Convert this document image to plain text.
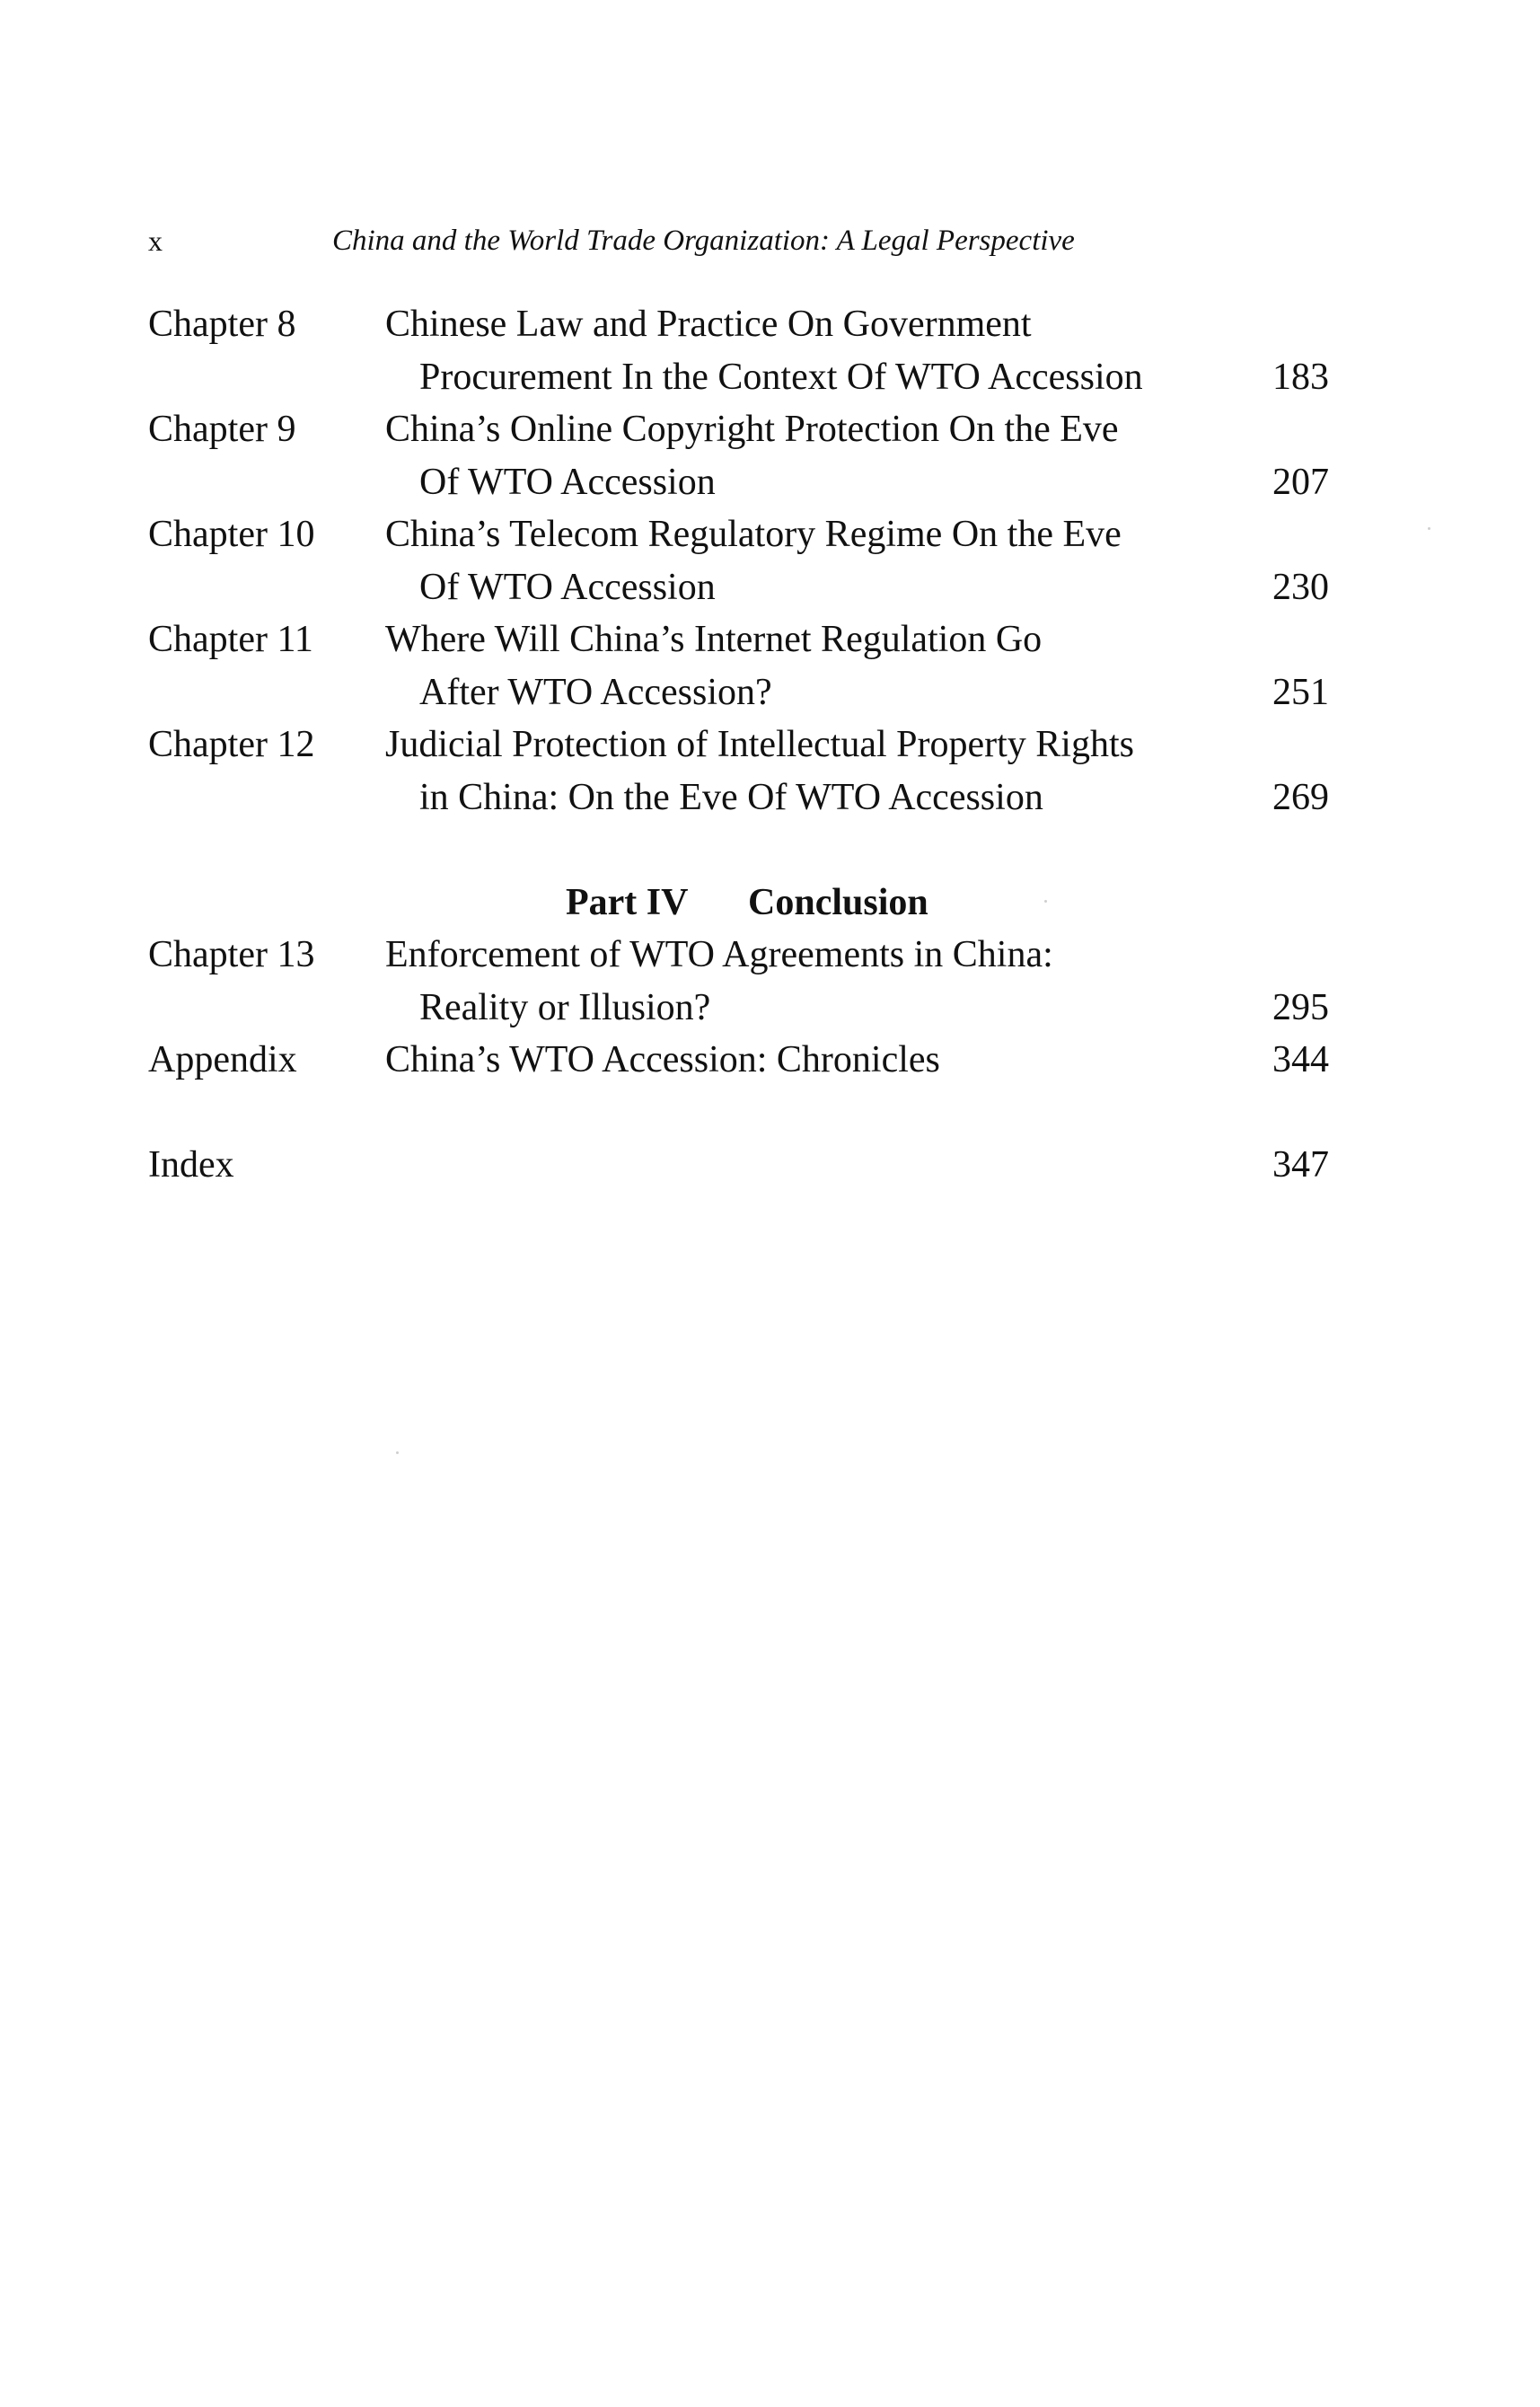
x	China and the World Trade Organization: A Legal Perspective
Chapter 8 Chinese Law and Practice On Government
Procurement In the Context Of WTO Accession	183
Chapter 9 China’s Online Copyright Protection On the Eve
Of WTO Accession	207
Chapter 10 China’s Telecom Regulatory Regime On the Eve
Of WTO Accession	230
Chapter 11 Where Will China’s Internet Regulation Go
After WTO Accession?	251
Chapter 12 Judicial Protection of Intellectual Property Rights
in China: On the Eve Of WTO Accession	269
Part IV Conclusion
Chapter 13 Enforcement of WTO Agreements in China:
Reality or Illusion?	295
Appendix China’s WTO Accession: Chronicles	344
Index	347
